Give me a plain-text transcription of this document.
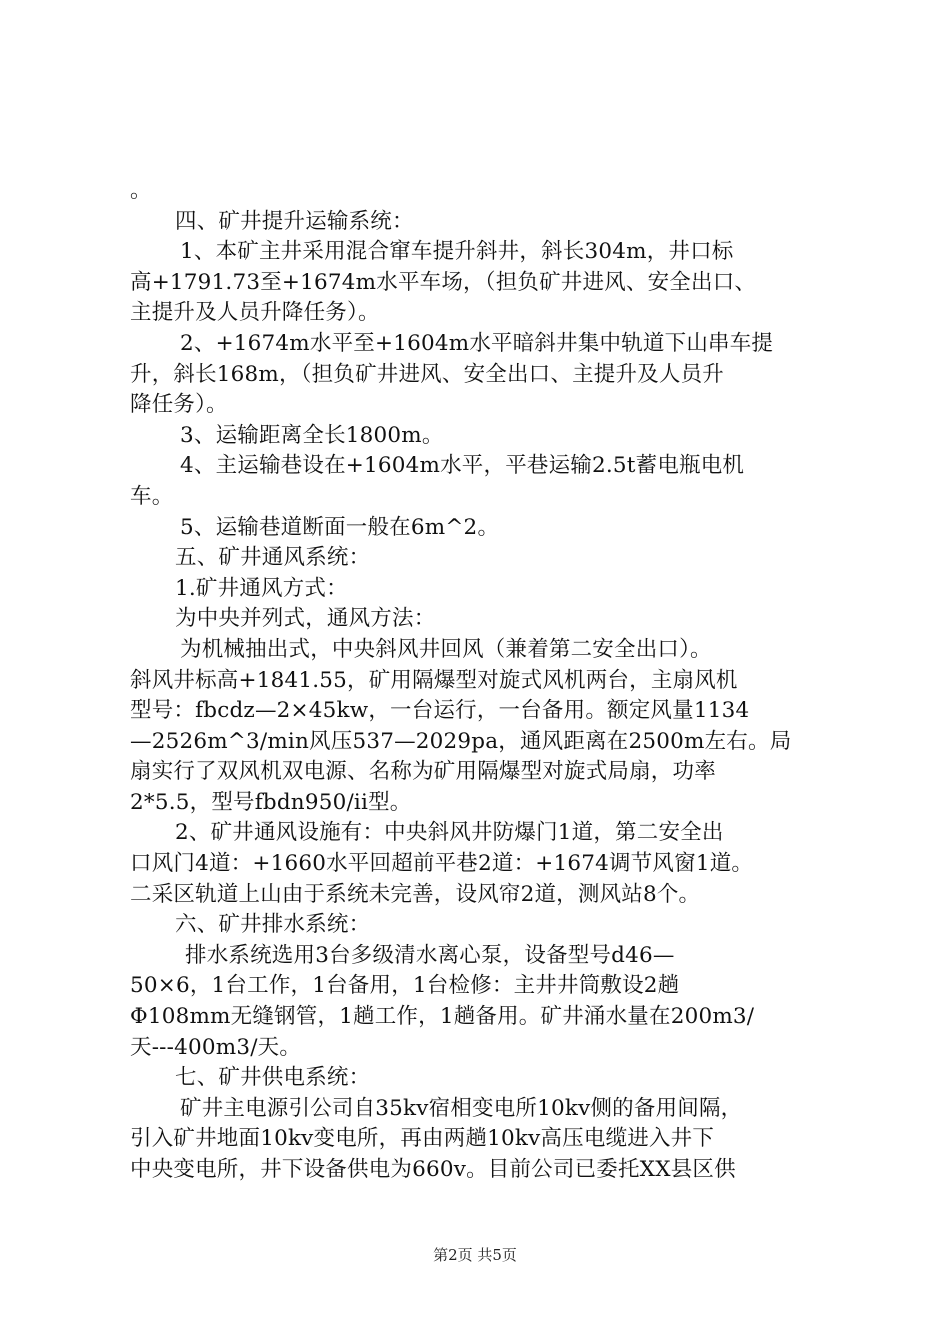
。
四、矿井提升运输系统：
1、本矿主井采用混合窜车提升斜井，斜长304m，井口标
高+1791.73至+1674m水平车场，（担负矿井进风、安全出口、
主提升及人员升降任务）。
2、+1674m水平至+1604m水平暗斜井集中轨道下山串车提
升，斜长168m，（担负矿井进风、安全出口、主提升及人员升
降任务）。
3、运输距离全长1800m。
4、主运输巷设在+1604m水平，平巷运输2.5t蓄电瓶电机
车。
5、运输巷道断面一般在6m^2。
五、矿井通风系统：
1.矿井通风方式：
为中央并列式，通风方法：
为机械抽出式，中央斜风井回风（兼着第二安全出口）。
斜风井标高+1841.55，矿用隔爆型对旋式风机两台，主扇风机
型号：fbcdz—2×45kw，一台运行，一台备用。额定风量1134
—2526m^3/min风压537—2029pa，通风距离在2500m左右。局
扇实行了双风机双电源、名称为矿用隔爆型对旋式局扇，功率
2*5.5，型号fbdn950/ii型。
2、矿井通风设施有：中央斜风井防爆门1道，第二安全出
口风门4道：+1660水平回超前平巷2道：+1674调节风窗1道。
二采区轨道上山由于系统未完善，设风帘2道，测风站8个。
六、矿井排水系统：
排水系统选用3台多级清水离心泵，设备型号d46—
50×6，1台工作，1台备用，1台检修：主井井筒敷设2趟
Φ108mm无缝钢管，1趟工作，1趟备用。矿井涌水量在200m3/
天---400m3/天。
七、矿井供电系统：
矿井主电源引公司自35kv宿相变电所10kv侧的备用间隔，
引入矿井地面10kv变电所，再由两趟10kv高压电缆进入井下
中央变电所，井下设备供电为660v。目前公司已委托XX县区供
第2页 共5页
